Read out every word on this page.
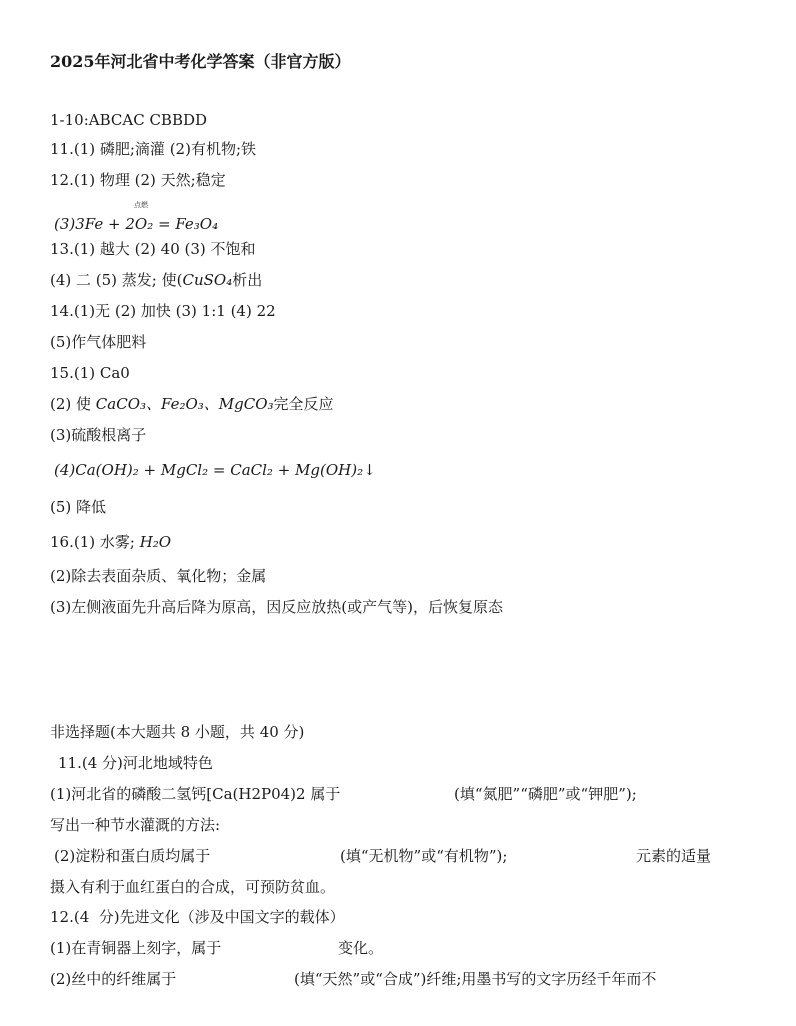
2025年河北省中考化学答案（非官方版）
1-10:ABCAC CBBDD
11.(1) 磷肥;滴灌 (2)有机物;铁
12.(1) 物理 (2) 天然;稳定
点燃
(3)3Fe + 2O₂ = Fe₃O₄
13.(1) 越大 (2) 40 (3) 不饱和
(4) 二 (5) 蒸发; 使(CuSO₄析出
14.(1)无 (2) 加快 (3) 1:1 (4) 22
(5)作气体肥料
15.(1) Ca0
(2) 使 CaCO₃、Fe₂O₃、MgCO₃完全反应
(3)硫酸根离子
(4)Ca(OH)₂ + MgCl₂ = CaCl₂ + Mg(OH)₂↓
(5) 降低
16.(1) 水雾; H₂O
(2)除去表面杂质、氧化物；金属
(3)左侧液面先升高后降为原高，因反应放热(或产气等)，后恢复原态
非选择题(本大题共 8 小题，共 40 分)
11.(4 分)河北地域特色
(1)河北省的磷酸二氢钙[Ca(H2P04)2 属于	(填“氮肥”“磷肥”或“钾肥”);
写出一种节水灌溉的方法:
(2)淀粉和蛋白质均属于	(填“无机物”或“有机物”);	元素的适量
摄入有利于血红蛋白的合成，可预防贫血。
12.(4  分)先进文化（涉及中国文字的载体）
(1)在青铜器上刻字，属于	变化。
(2)丝中的纤维属于	(填“天然”或“合成”)纤维;用墨书写的文字历经千年而不
